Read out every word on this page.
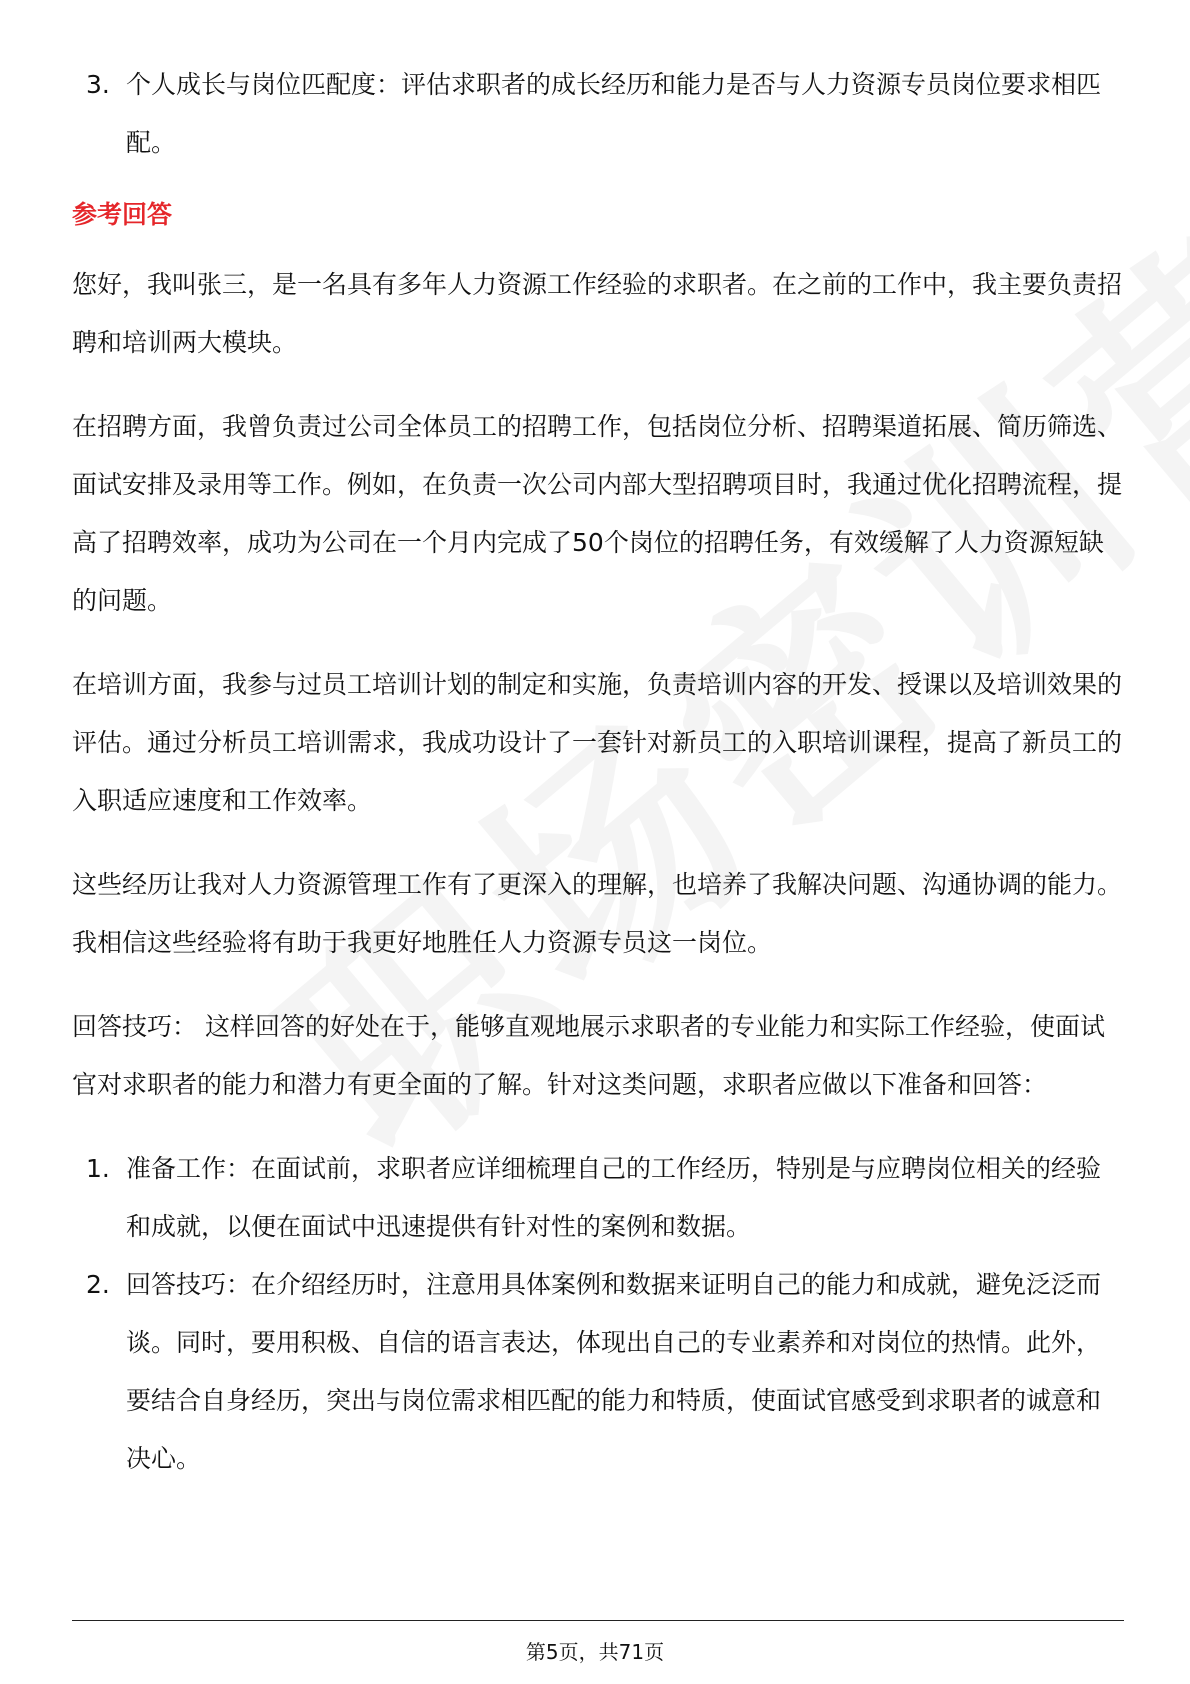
3. 个人成长与岗位匹配度：评估求职者的成长经历和能力是否与人力资源专员岗位要求相匹配。
参考回答

您好，我叫张三，是一名具有多年人力资源工作经验的求职者。在之前的工作中，我主要负责招聘和培训两大模块。

在招聘方面，我曾负责过公司全体员工的招聘工作，包括岗位分析、招聘渠道拓展、简历筛选、面试安排及录用等工作。例如，在负责一次公司内部大型招聘项目时，我通过优化招聘流程，提高了招聘效率，成功为公司在一个月内完成了50个岗位的招聘任务，有效缓解了人力资源短缺的问题。

在培训方面，我参与过员工培训计划的制定和实施，负责培训内容的开发、授课以及培训效果的评估。通过分析员工培训需求，我成功设计了一套针对新员工的入职培训课程，提高了新员工的入职适应速度和工作效率。

这些经历让我对人力资源管理工作有了更深入的理解，也培养了我解决问题、沟通协调的能力。我相信这些经验将有助于我更好地胜任人力资源专员这一岗位。

回答技巧： 这样回答的好处在于，能够直观地展示求职者的专业能力和实际工作经验，使面试官对求职者的能力和潜力有更全面的了解。针对这类问题，求职者应做以下准备和回答：

1. 准备工作：在面试前，求职者应详细梳理自己的工作经历，特别是与应聘岗位相关的经验和成就，以便在面试中迅速提供有针对性的案例和数据。
2. 回答技巧：在介绍经历时，注意用具体案例和数据来证明自己的能力和成就，避免泛泛而谈。同时，要用积极、自信的语言表达，体现出自己的专业素养和对岗位的热情。此外，要结合自身经历，突出与岗位需求相匹配的能力和特质，使面试官感受到求职者的诚意和决心。
第5页，共71页
